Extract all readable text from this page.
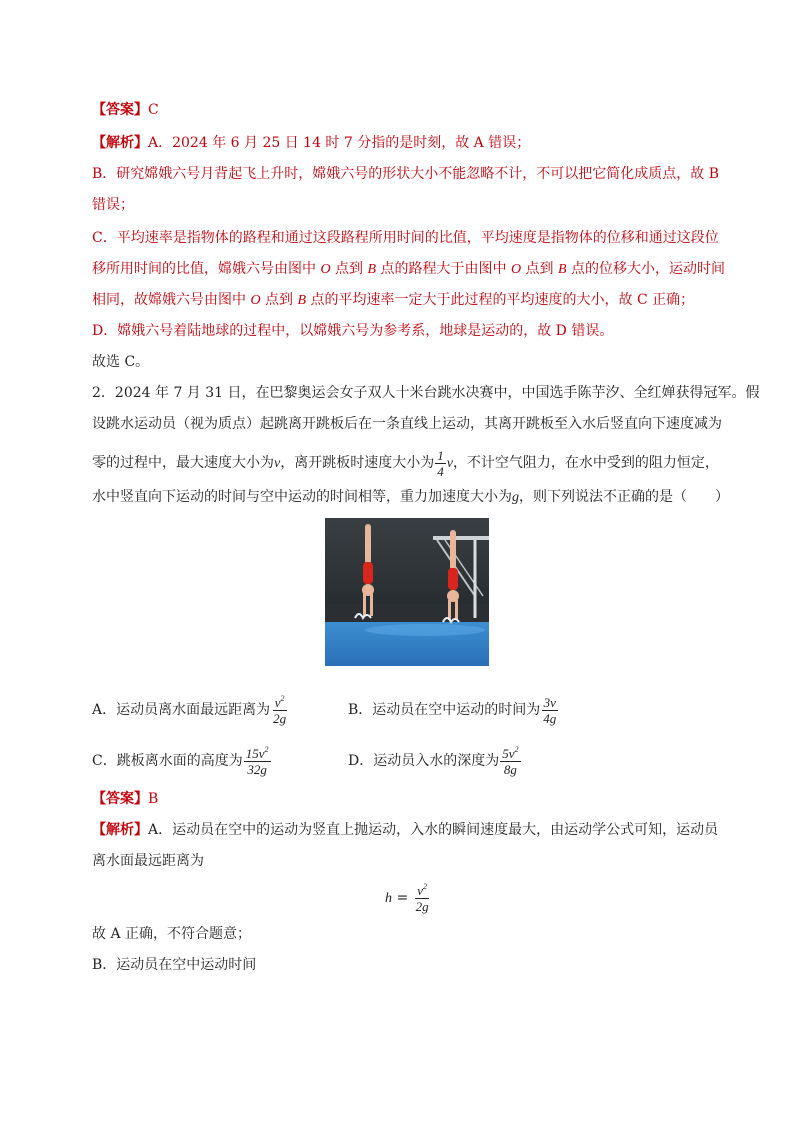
【答案】C
【解析】A．2024 年 6 月 25 日 14 时 7 分指的是时刻，故 A 错误；
B．研究嫦娥六号月背起飞上升时，嫦娥六号的形状大小不能忽略不计，不可以把它简化成质点，故 B
错误；
C．平均速率是指物体的路程和通过这段路程所用时间的比值，平均速度是指物体的位移和通过这段位
移所用时间的比值，嫦娥六号由图中 O 点到 B 点的路程大于由图中 O 点到 B 点的位移大小，运动时间
相同，故嫦娥六号由图中 O 点到 B 点的平均速率一定大于此过程的平均速度的大小，故 C 正确；
D．嫦娥六号着陆地球的过程中，以嫦娥六号为参考系，地球是运动的，故 D 错误。
故选 C。
2．2024 年 7 月 31 日，在巴黎奥运会女子双人十米台跳水决赛中，中国选手陈芋汐、全红婵获得冠军。假
设跳水运动员（视为质点）起跳离开跳板后在一条直线上运动，其离开跳板至入水后竖直向下速度减为
零的过程中，最大速度大小为v，离开跳板时速度大小为 $\frac{1}{4}$ v，不计空气阻力，在水中受到的阻力恒定，
水中竖直向下运动的时间与空中运动的时间相等，重力加速度大小为g，则下列说法不正确的是（　　）
A．运动员离水面最远距离为 $\frac{v^2}{2g}$	B．运动员在空中运动的时间为 $\frac{3v}{4g}$
C．跳板离水面的高度为 $\frac{15v^2}{32g}$	D．运动员入水的深度为 $\frac{5v^2}{8g}$
【答案】B
【解析】A．运动员在空中的运动为竖直上抛运动，入水的瞬间速度最大，由运动学公式可知，运动员
离水面最远距离为
$h = \frac{v^2}{2g}$
故 A 正确，不符合题意；
B．运动员在空中运动时间
